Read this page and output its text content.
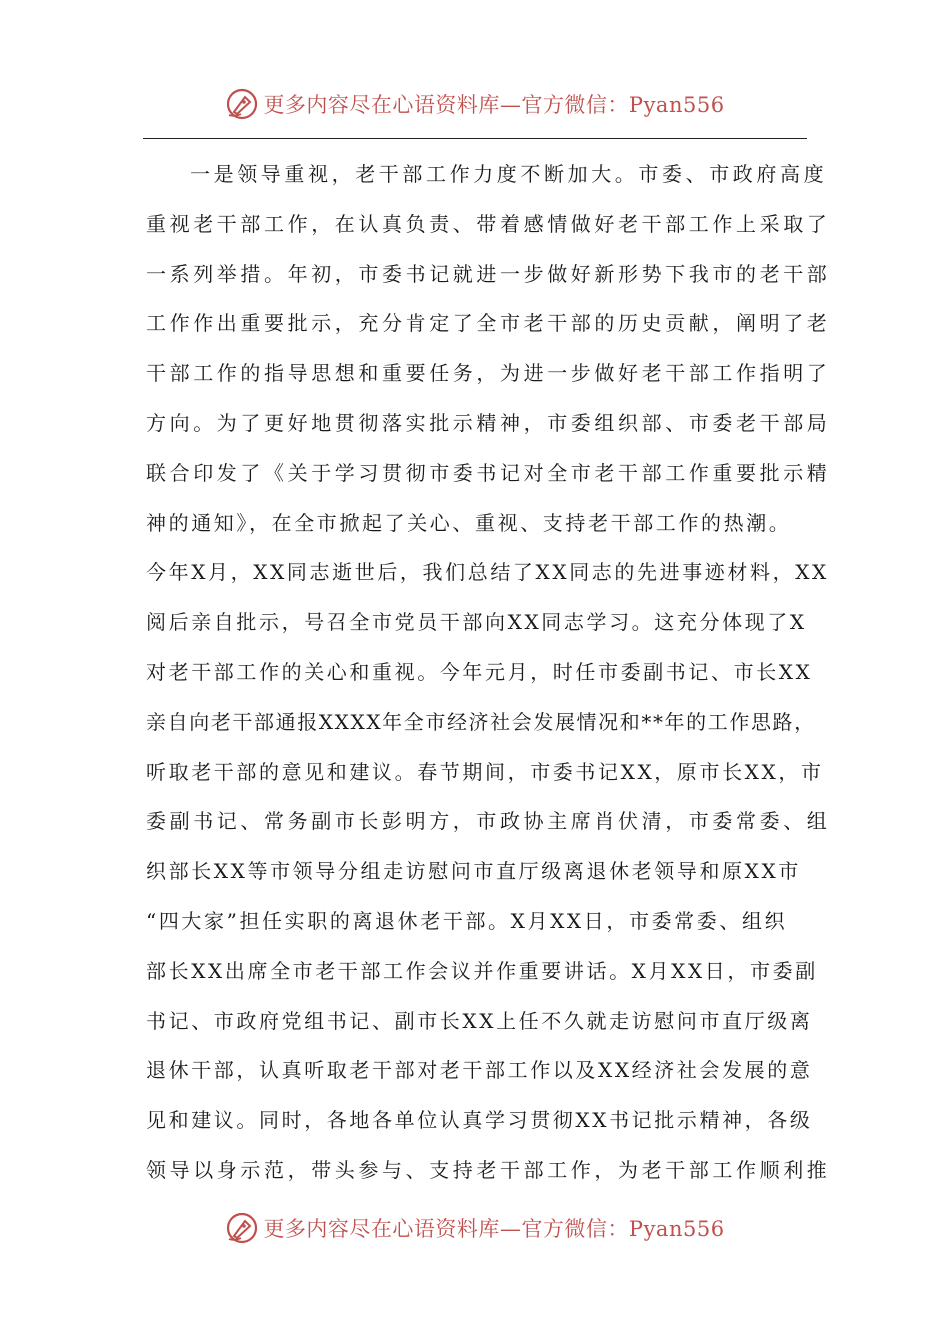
更多内容尽在心语资料库—官方微信：Pyan556
一是领导重视，老干部工作力度不断加大。市委、市政府高度
重视老干部工作，在认真负责、带着感情做好老干部工作上采取了
一系列举措。年初，市委书记就进一步做好新形势下我市的老干部
工作作出重要批示，充分肯定了全市老干部的历史贡献，阐明了老
干部工作的指导思想和重要任务，为进一步做好老干部工作指明了
方向。为了更好地贯彻落实批示精神，市委组织部、市委老干部局
联合印发了《关于学习贯彻市委书记对全市老干部工作重要批示精
神的通知》，在全市掀起了关心、重视、支持老干部工作的热潮。
今年X月，XX同志逝世后，我们总结了XX同志的先进事迹材料，XX
阅后亲自批示，号召全市党员干部向XX同志学习。这充分体现了X
对老干部工作的关心和重视。今年元月，时任市委副书记、市长XX
亲自向老干部通报XXXX年全市经济社会发展情况和**年的工作思路，
听取老干部的意见和建议。春节期间，市委书记XX，原市长XX，市
委副书记、常务副市长彭明方，市政协主席肖伏清，市委常委、组
织部长XX等市领导分组走访慰问市直厅级离退休老领导和原XX市
“四大家”担任实职的离退休老干部。X月XX日，市委常委、组织
部长XX出席全市老干部工作会议并作重要讲话。X月XX日，市委副
书记、市政府党组书记、副市长XX上任不久就走访慰问市直厅级离
退休干部，认真听取老干部对老干部工作以及XX经济社会发展的意
见和建议。同时，各地各单位认真学习贯彻XX书记批示精神，各级
领导以身示范，带头参与、支持老干部工作，为老干部工作顺利推
更多内容尽在心语资料库—官方微信：Pyan556
